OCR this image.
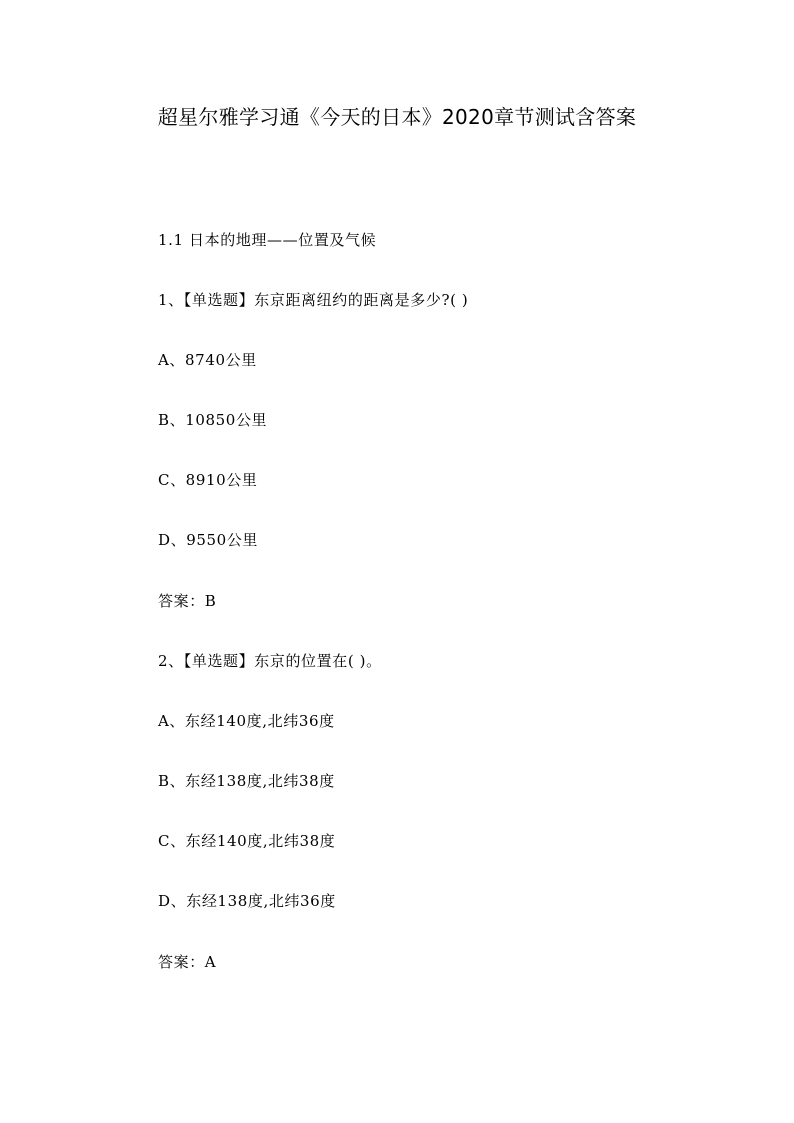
超星尔雅学习通《今天的日本》2020章节测试含答案
1.1 日本的地理——位置及气候
1、【单选题】东京距离纽约的距离是多少?( )
A、8740公里
B、10850公里
C、8910公里
D、9550公里
答案：B
2、【单选题】东京的位置在( )。
A、东经140度,北纬36度
B、东经138度,北纬38度
C、东经140度,北纬38度
D、东经138度,北纬36度
答案：A
